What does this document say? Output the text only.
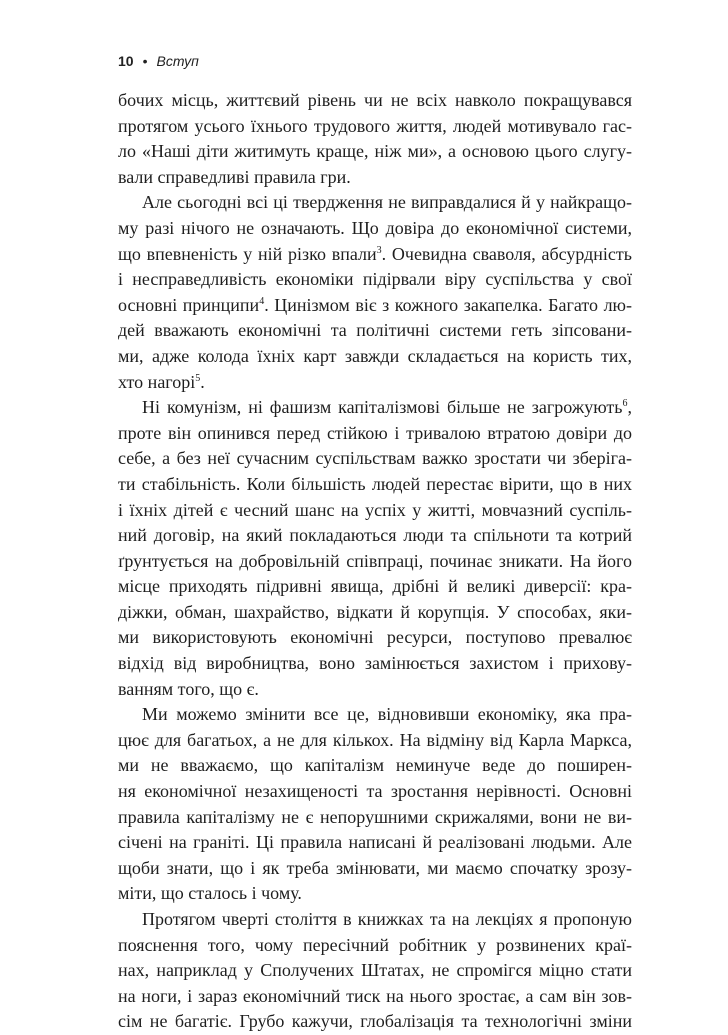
10 • Вступ
бочих місць, життєвий рівень чи не всіх навколо покращувався
протягом усього їхнього трудового життя, людей мотивувало гас-
ло «Наші діти житимуть краще, ніж ми», а основою цього слугу-
вали справедливі правила гри.
Але сьогодні всі ці твердження не виправдалися й у найкращо-
му разі нічого не означають. Що довіра до економічної системи,
що впевненість у ній різко впали$^3$. Очевидна сваволя, абсурдність
і несправедливість економіки підірвали віру суспільства у свої
основні принципи$^4$. Цинізмом віє з кожного закапелка. Багато лю-
дей вважають економічні та політичні системи геть зіпсовани-
ми, адже колода їхніх карт завжди складається на користь тих,
хто нагорі$^5$.
Ні комунізм, ні фашизм капіталізмові більше не загрожують$^6$,
проте він опинився перед стійкою і тривалою втратою довіри до
себе, а без неї сучасним суспільствам важко зростати чи зберіга-
ти стабільність. Коли більшість людей перестає вірити, що в них
і їхніх дітей є чесний шанс на успіх у житті, мовчазний суспіль-
ний договір, на який покладаються люди та спільноти та котрий
ґрунтується на добровільній співпраці, починає зникати. На його
місце приходять підривні явища, дрібні й великі диверсії: кра-
діжки, обман, шахрайство, відкати й корупція. У способах, яки-
ми використовують економічні ресурси, поступово превалює
відхід від виробництва, воно замінюється захистом і прихову-
ванням того, що є.
Ми можемо змінити все це, відновивши економіку, яка пра-
цює для багатьох, а не для кількох. На відміну від Карла Маркса,
ми не вважаємо, що капіталізм неминуче веде до поширен-
ня економічної незахищеності та зростання нерівності. Основні
правила капіталізму не є непорушними скрижалями, вони не ви-
січені на граніті. Ці правила написані й реалізовані людьми. Але
щоби знати, що і як треба змінювати, ми маємо спочатку зрозу-
міти, що сталось і чому.
Протягом чверті століття в книжках та на лекціях я пропоную
пояснення того, чому пересічний робітник у розвинених краї-
нах, наприклад у Сполучених Штатах, не спромігся міцно стати
на ноги, і зараз економічний тиск на нього зростає, а сам він зов-
сім не багатіє. Грубо кажучи, глобалізація та технологічні зміни
